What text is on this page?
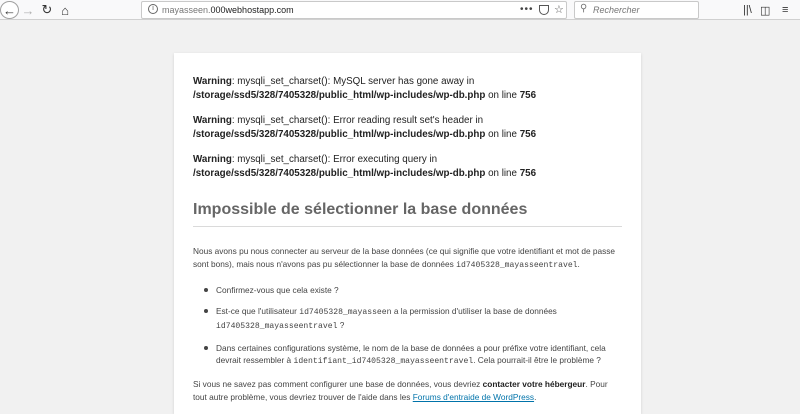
← → ↻ ⌂	i mayasseen.000webhostapp.com	••• ☆ ⚲
Rechercher	||\ ◫ ≡

Warning: mysqli_set_charset(): MySQL server has gone away in /storage/ssd5/328/7405328/public_html/wp-includes/wp-db.php on line 756

Warning: mysqli_set_charset(): Error reading result set's header in /storage/ssd5/328/7405328/public_html/wp-includes/wp-db.php on line 756

Warning: mysqli_set_charset(): Error executing query in /storage/ssd5/328/7405328/public_html/wp-includes/wp-db.php on line 756

Impossible de sélectionner la base données

Nous avons pu nous connecter au serveur de la base données (ce qui signifie que votre identifiant et mot de passe sont bons), mais nous n'avons pas pu sélectionner la base de données id7405328_mayasseentravel.

Confirmez-vous que cela existe ?
Est-ce que l'utilisateur id7405328_mayasseen a la permission d'utiliser la base de données id7405328_mayasseentravel ?
Dans certaines configurations système, le nom de la base de données a pour préfixe votre identifiant, cela devrait ressembler à identifiant_id7405328_mayasseentravel. Cela pourrait-il être le problème ?

Si vous ne savez pas comment configurer une base de données, vous devriez contacter votre hébergeur. Pour tout autre problème, vous devriez trouver de l'aide dans les Forums d'entraide de WordPress.
